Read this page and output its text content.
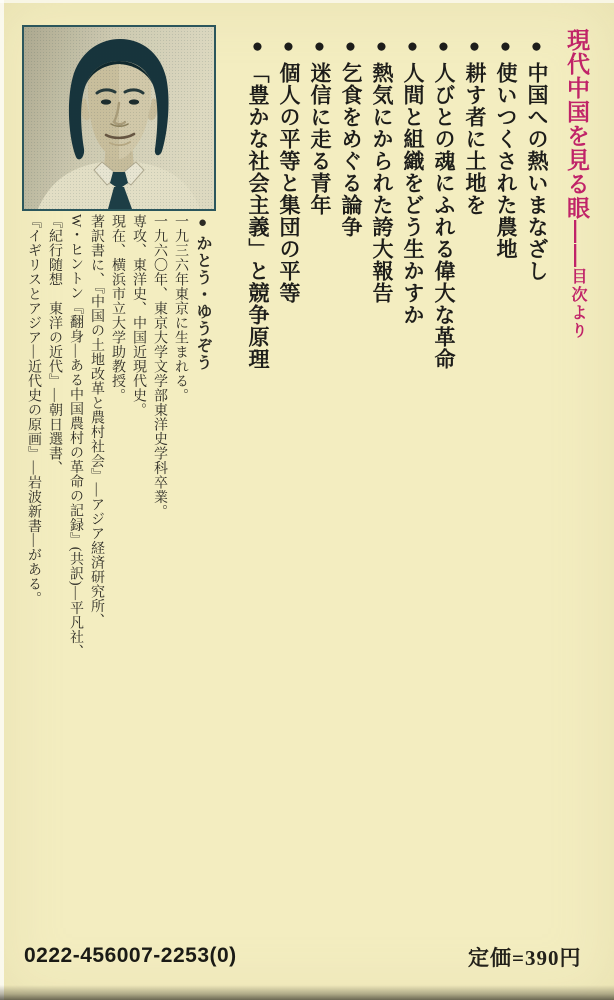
現代中国を見る眼——目次より
●中国への熱いまなざし
●使いつくされた農地
●耕す者に土地を
●人びとの魂にふれる偉大な革命
●人間と組織をどう生かすか
●熱気にかられた誇大報告
●乞食をめぐる論争
●迷信に走る青年
●個人の平等と集団の平等
●「豊かな社会主義」と競争原理
●かとう・ゆうぞう
一九三六年東京に生まれる。
一九六〇年、東京大学文学部東洋史学科卒業。
専攻、東洋史、中国近現代史。
現在、横浜市立大学助教授。
著訳書に、『中国の土地改革と農村社会』—アジア経済研究所、
W・ヒントン『翻身—ある中国農村の革命の記録』(共訳)—平凡社、
『紀行随想　東洋の近代』—朝日選書、
『イギリスとアジア—近代史の原画』—岩波新書—がある。
0222-456007-2253(0)	定価=390円
